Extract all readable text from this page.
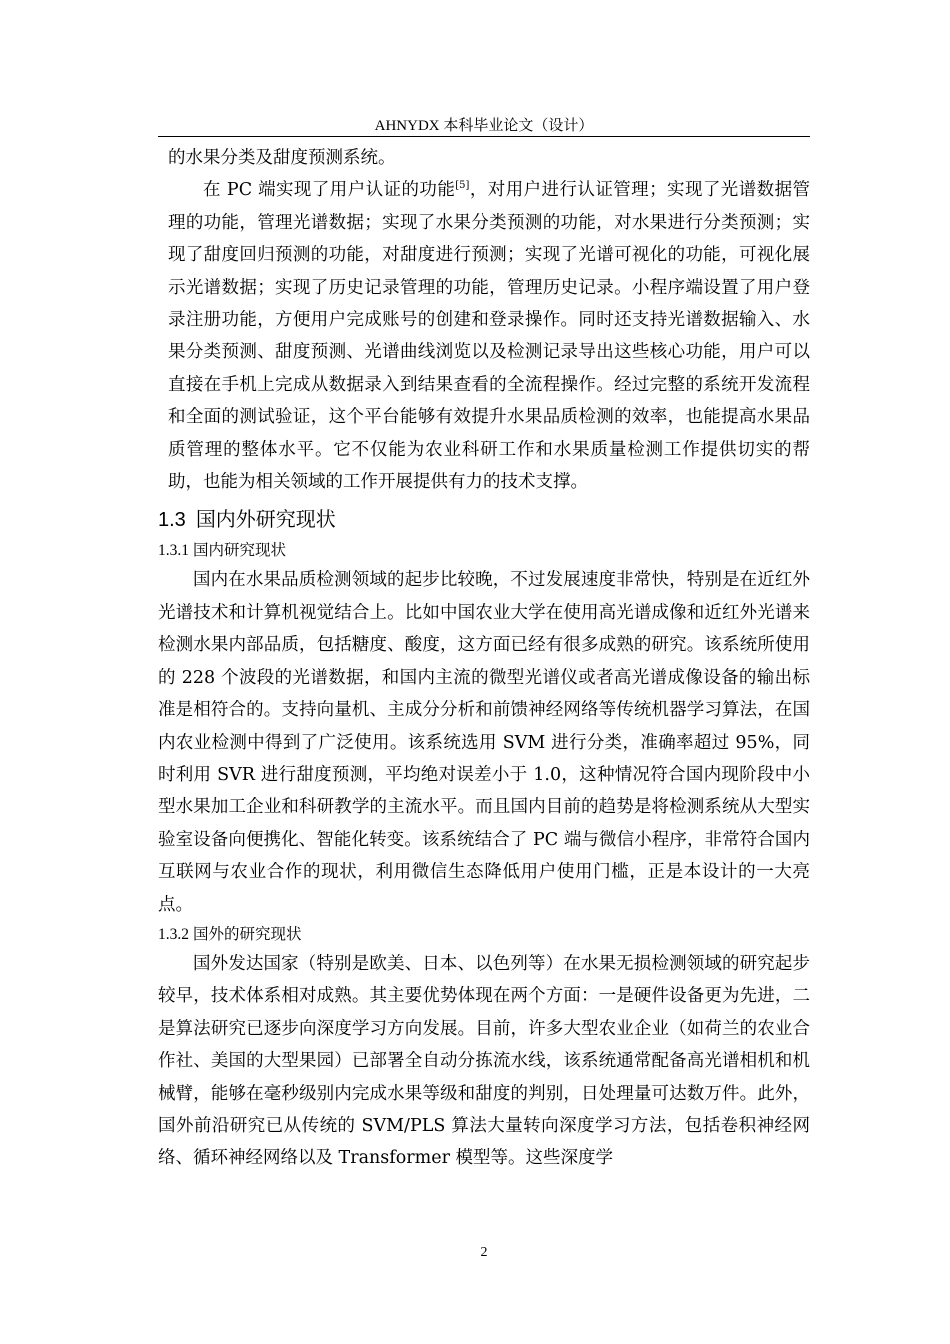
AHNYDX 本科毕业论文（设计）

的水果分类及甜度预测系统。

在 PC 端实现了用户认证的功能[5]，对用户进行认证管理；实现了光谱数据管理的功能，管理光谱数据；实现了水果分类预测的功能，对水果进行分类预测；实现了甜度回归预测的功能，对甜度进行预测；实现了光谱可视化的功能，可视化展示光谱数据；实现了历史记录管理的功能，管理历史记录。小程序端设置了用户登录注册功能，方便用户完成账号的创建和登录操作。同时还支持光谱数据输入、水果分类预测、甜度预测、光谱曲线浏览以及检测记录导出这些核心功能，用户可以直接在手机上完成从数据录入到结果查看的全流程操作。经过完整的系统开发流程和全面的测试验证，这个平台能够有效提升水果品质检测的效率，也能提高水果品质管理的整体水平。它不仅能为农业科研工作和水果质量检测工作提供切实的帮助，也能为相关领域的工作开展提供有力的技术支撑。

1.3 国内外研究现状
1.3.1 国内研究现状

国内在水果品质检测领域的起步比较晚，不过发展速度非常快，特别是在近红外光谱技术和计算机视觉结合上。比如中国农业大学在使用高光谱成像和近红外光谱来检测水果内部品质，包括糖度、酸度，这方面已经有很多成熟的研究。该系统所使用的 228 个波段的光谱数据，和国内主流的微型光谱仪或者高光谱成像设备的输出标准是相符合的。支持向量机、主成分分析和前馈神经网络等传统机器学习算法，在国内农业检测中得到了广泛使用。该系统选用 SVM 进行分类，准确率超过 95%，同时利用 SVR 进行甜度预测，平均绝对误差小于 1.0，这种情况符合国内现阶段中小型水果加工企业和科研教学的主流水平。而且国内目前的趋势是将检测系统从大型实验室设备向便携化、智能化转变。该系统结合了 PC 端与微信小程序，非常符合国内互联网与农业合作的现状，利用微信生态降低用户使用门槛，正是本设计的一大亮点。

1.3.2 国外的研究现状

国外发达国家（特别是欧美、日本、以色列等）在水果无损检测领域的研究起步较早，技术体系相对成熟。其主要优势体现在两个方面：一是硬件设备更为先进，二是算法研究已逐步向深度学习方向发展。目前，许多大型农业企业（如荷兰的农业合作社、美国的大型果园）已部署全自动分拣流水线，该系统通常配备高光谱相机和机械臂，能够在毫秒级别内完成水果等级和甜度的判别，日处理量可达数万件。此外，国外前沿研究已从传统的 SVM/PLS 算法大量转向深度学习方法，包括卷积神经网络、循环神经网络以及 Transformer 模型等。这些深度学

2
